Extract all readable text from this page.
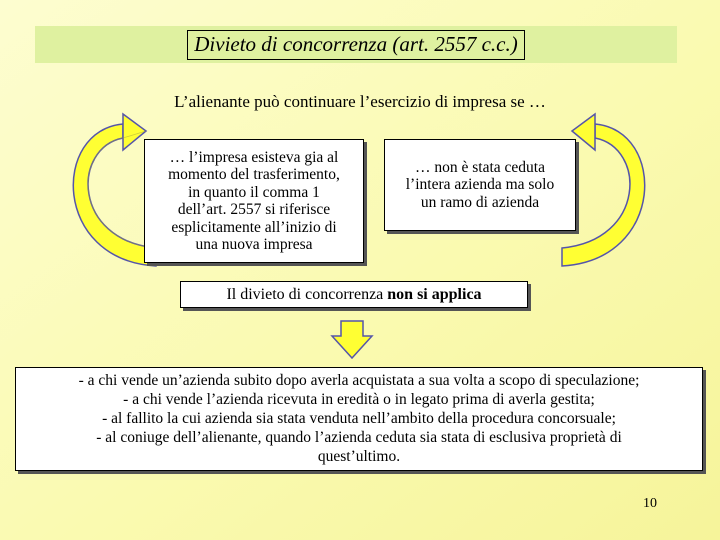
Divieto di concorrenza (art. 2557 c.c.)
L’alienante può continuare l’esercizio di impresa se …
… l’impresa esisteva gia al
momento del trasferimento,
in quanto il comma 1
dell’art. 2557 si riferisce
esplicitamente all’inizio di
una nuova impresa
… non è stata ceduta
l’intera azienda ma solo
un ramo di azienda
Il divieto di concorrenza non si applica
- a chi vende un’azienda subito dopo averla acquistata a sua volta a scopo di speculazione;
- a chi vende l’azienda ricevuta in eredità o in legato prima di averla gestita;
- al fallito la cui azienda sia stata venduta nell’ambito della procedura concorsuale;
- al coniuge dell’alienante, quando l’azienda ceduta sia stata di esclusiva proprietà di
quest’ultimo.
10
